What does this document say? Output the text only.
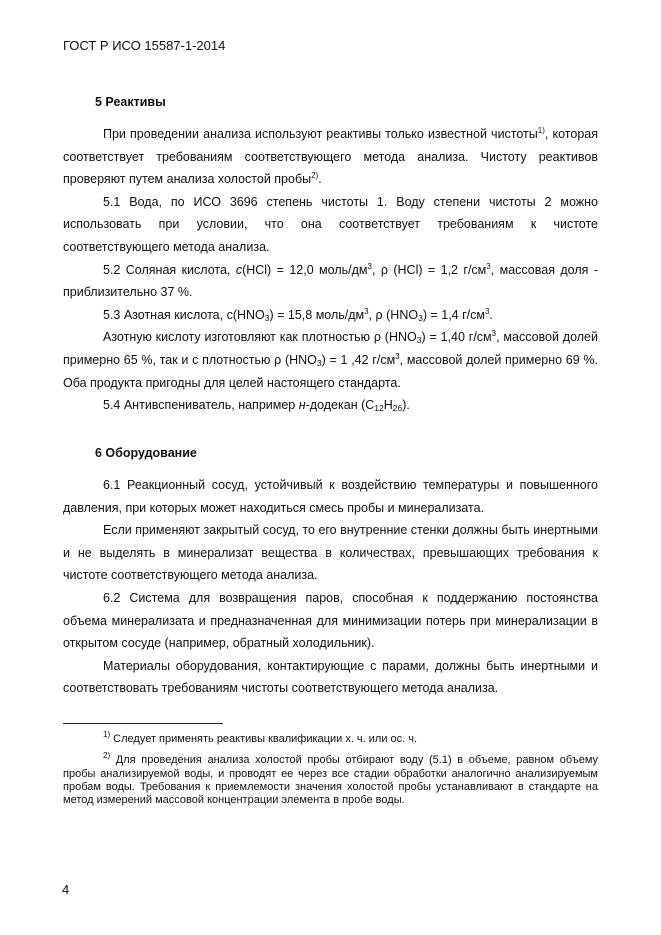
ГОСТ Р ИСО 15587-1-2014
5 Реактивы

При проведении анализа используют реактивы только известной чистоты$^{1)}$, которая соответствует требованиям соответствующего метода анализа. Чистоту реактивов проверяют путем анализа холостой пробы$^{2)}$.

5.1 Вода, по ИСО 3696 степень чистоты 1. Воду степени чистоты 2 можно использовать при условии, что она соответствует требованиям к чистоте соответствующего метода анализа.

5.2 Соляная кислота, c(HCl) = 12,0 моль/$дм^3$, ρ (HCl) = 1,2 $г/см^3$, массовая доля - приблизительно 37 %.

5.3 Азотная кислота, $с(HNO_3) = 15,8$ моль/$дм^3$, ρ $(HNO_3) = 1,4$ $г/см^3$.

Азотную кислоту изготовляют как плотностью ρ $(HNO_3) = 1,40$ $г/см^3$, массовой долей примерно 65 %, так и с плотностью ρ $(HNO_3) = 1$ ,42 $г/см^3$, массовой долей примерно 69 %. Оба продукта пригодны для целей настоящего стандарта.

5.4 Антивспениватель, например н-додекан $(С_{12}Н_{26})$.

6 Оборудование

6.1 Реакционный сосуд, устойчивый к воздействию температуры и повышенного давления, при которых может находиться смесь пробы и минерализата.

Если применяют закрытый сосуд, то его внутренние стенки должны быть инертными и не выделять в минерализат вещества в количествах, превышающих требования к чистоте соответствующего метода анализа.

6.2 Система для возвращения паров, способная к поддержанию постоянства объема минерализата и предназначенная для минимизации потерь при минерализации в открытом сосуде (например, обратный холодильник).

Материалы оборудования, контактирующие с парами, должны быть инертными и соответствовать требованиям чистоты соответствующего метода анализа.

$^{1)}$ Следует применять реактивы квалификации х. ч. или ос. ч.

$^{2)}$ Для проведения анализа холостой пробы отбирают воду (5.1) в объеме, равном объему пробы анализируемой воды, и проводят ее через все стадии обработки аналогично анализируемым пробам воды. Требования к приемлемости значения холостой пробы устанавливают в стандарте на метод измерений массовой концентрации элемента в пробе воды.

4
